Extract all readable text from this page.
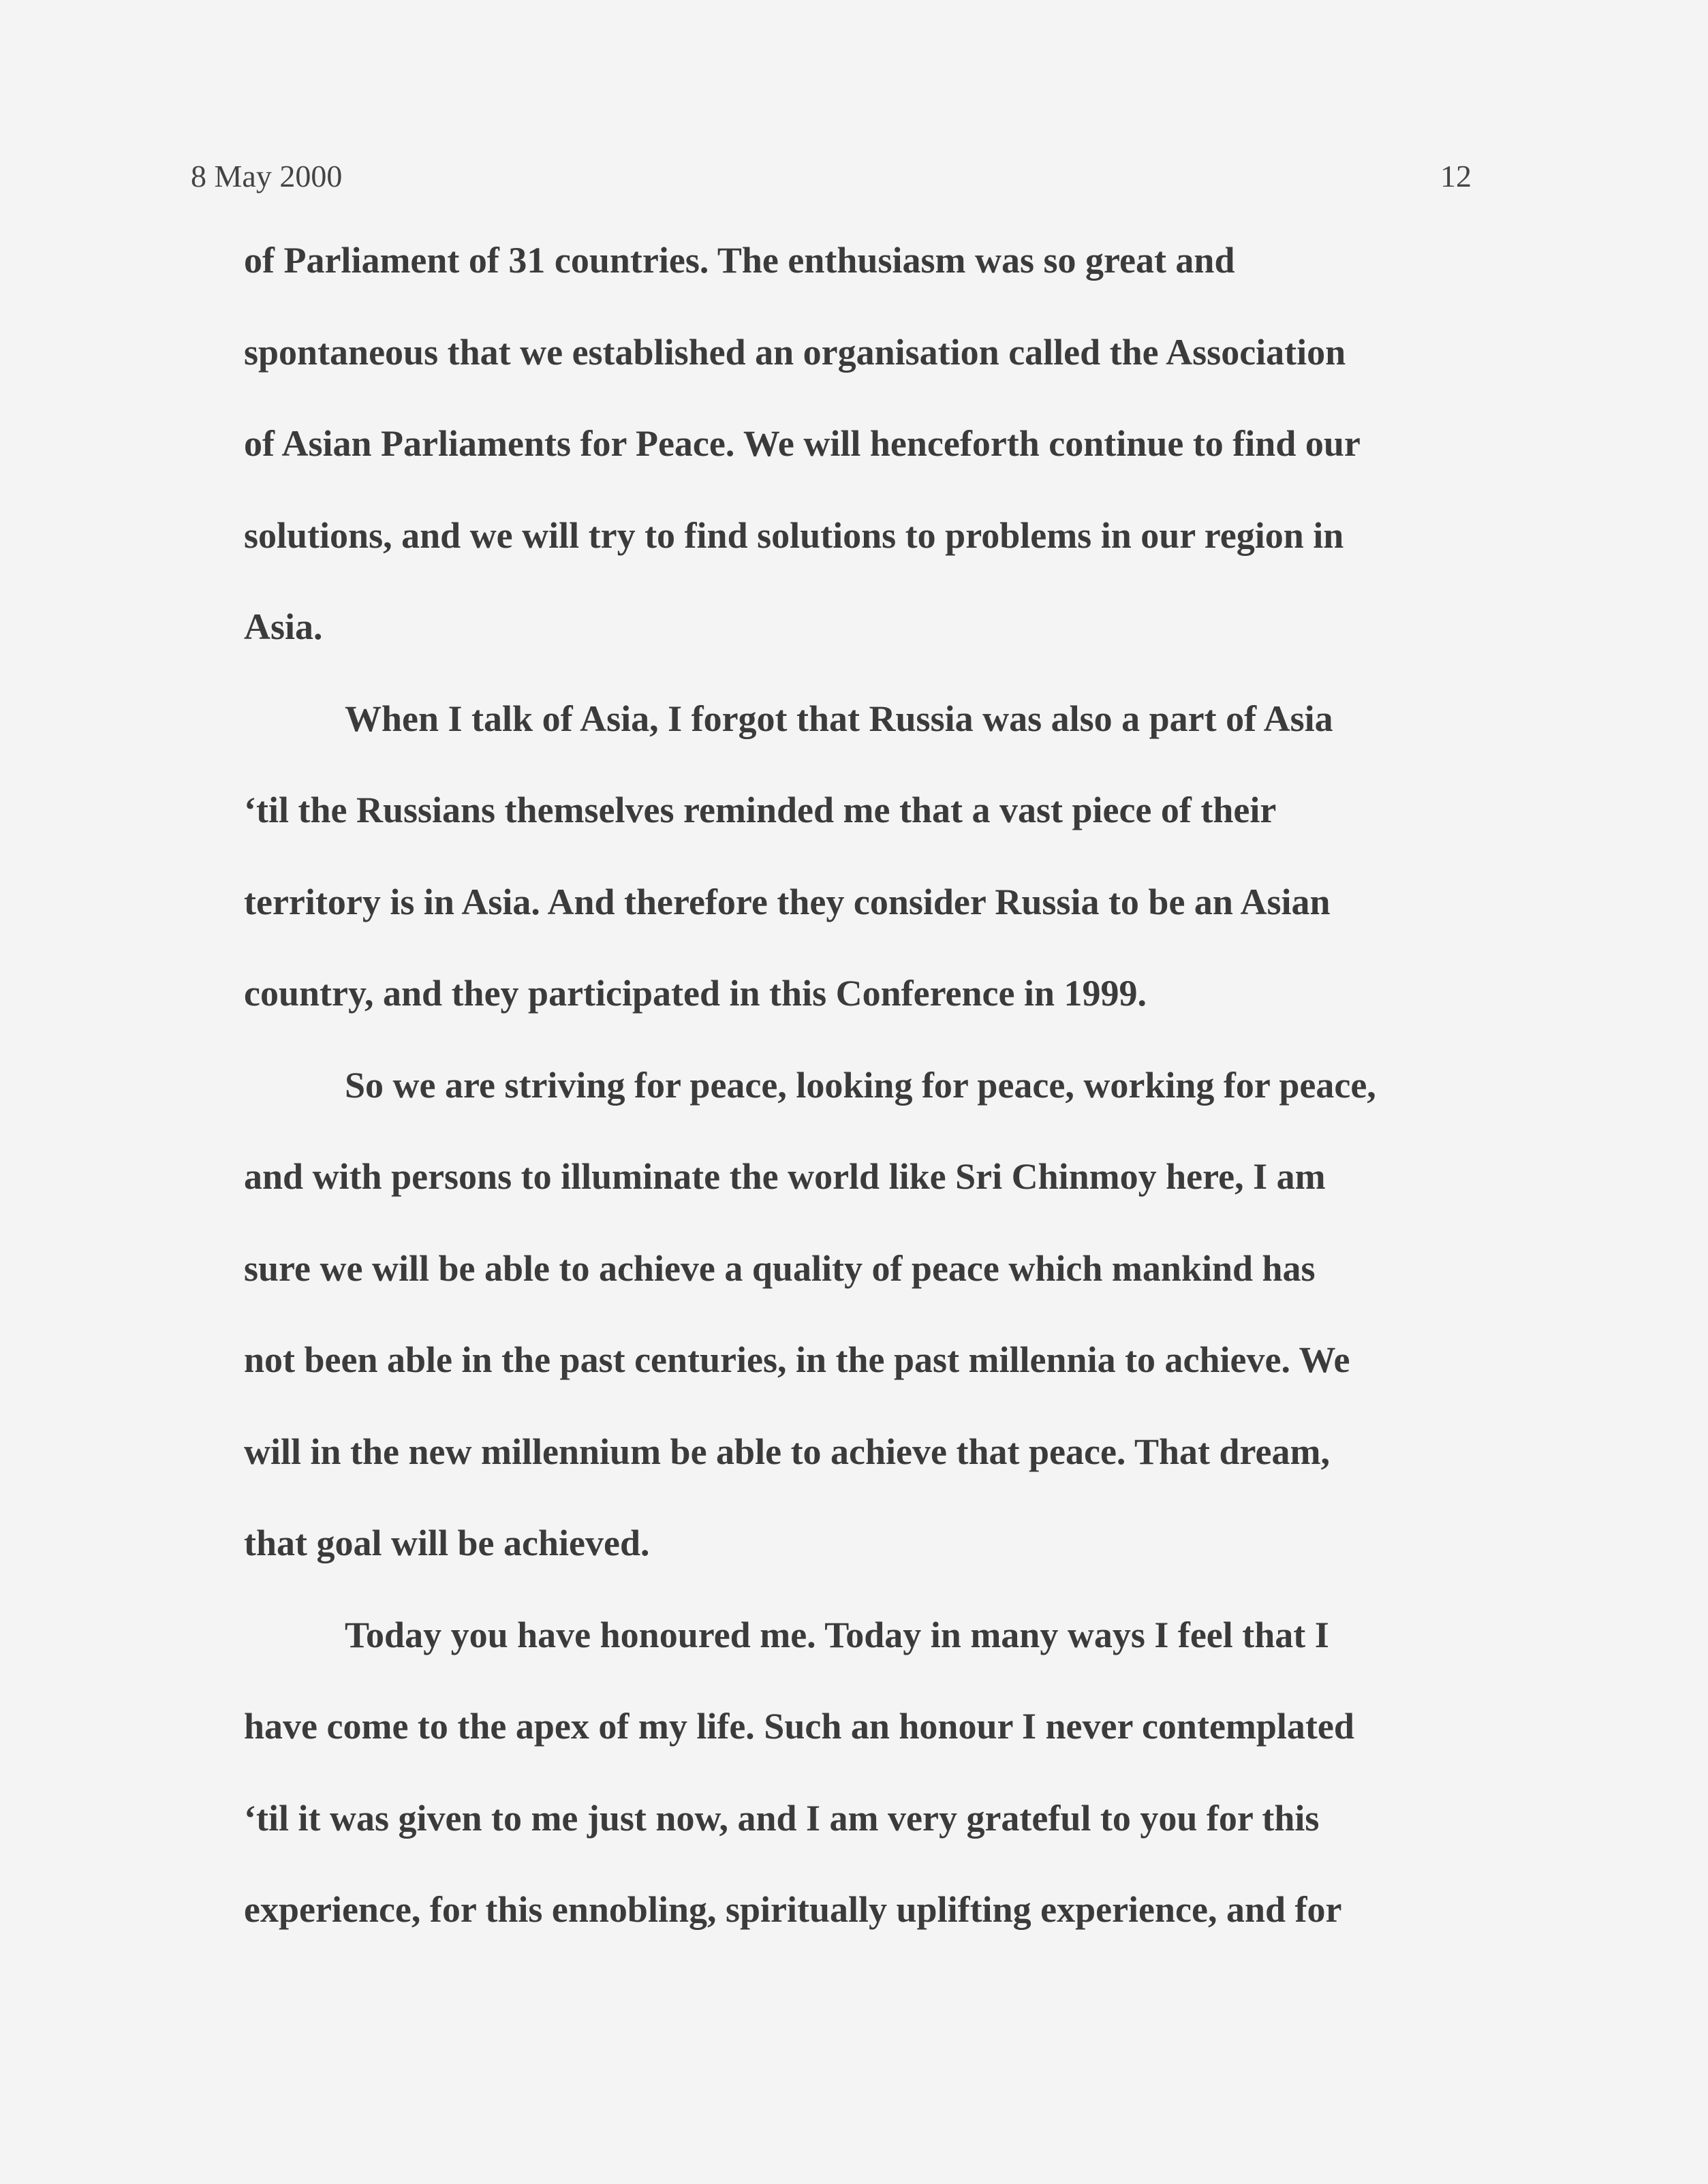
8 May 2000	12
of Parliament of 31 countries. The enthusiasm was so great and
spontaneous that we established an organisation called the Association
of Asian Parliaments for Peace. We will henceforth continue to find our
solutions, and we will try to find solutions to problems in our region in
Asia.
When I talk of Asia, I forgot that Russia was also a part of Asia
‘til the Russians themselves reminded me that a vast piece of their
territory is in Asia. And therefore they consider Russia to be an Asian
country, and they participated in this Conference in 1999.
So we are striving for peace, looking for peace, working for peace,
and with persons to illuminate the world like Sri Chinmoy here, I am
sure we will be able to achieve a quality of peace which mankind has
not been able in the past centuries, in the past millennia to achieve. We
will in the new millennium be able to achieve that peace. That dream,
that goal will be achieved.
Today you have honoured me. Today in many ways I feel that I
have come to the apex of my life. Such an honour I never contemplated
‘til it was given to me just now, and I am very grateful to you for this
experience, for this ennobling, spiritually uplifting experience, and for
